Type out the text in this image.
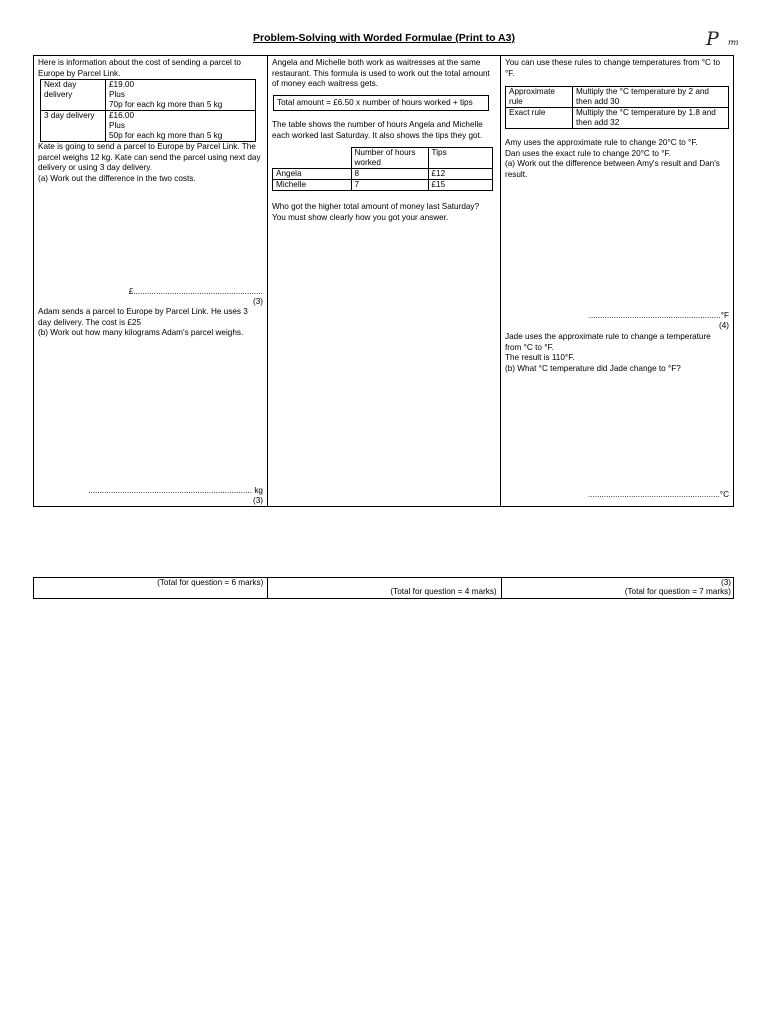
Problem-Solving with Worded Formulae (Print to A3)	P rm

Here is information about the cost of sending a parcel to Europe by Parcel Link.

Next day delivery	£19.00
Plus
70p for each kg more than 5 kg

3 day delivery	£16.00
Plus
50p for each kg more than 5 kg

Kate is going to send a parcel to Europe by Parcel Link. The parcel weighs 12 kg. Kate can send the parcel using next day delivery or using 3 day delivery.

(a) Work out the difference in the two costs.

£.........................................................
(3)

Adam sends a parcel to Europe by Parcel Link. He uses 3 day delivery. The cost is £25

(b) Work out how many kilograms Adam's parcel weighs.

........................................................................ kg
(3)

Angela and Michelle both work as waitresses at the same restaurant. This formula is used to work out the total amount of money each waitress gets.

Total amount = £6.50 x number of hours worked + tips

The table shows the number of hours Angela and Michelle each worked last Saturday. It also shows the tips they got.

	Number of hours worked	Tips
Angela	8	£12
Michelle	7	£15

Who got the higher total amount of money last Saturday?

You must show clearly how you got your answer.

You can use these rules to change temperatures from °C to °F.

Approximate rule	Multiply the °C temperature by 2 and then add 30
Exact rule	Multiply the °C temperature by 1.8 and then add 32

Amy uses the approximate rule to change 20°C to °F.

Dan uses the exact rule to change 20°C to °F.

(a) Work out the difference between Amy's result and Dan's result.

..........................................................°F
(4)

Jade uses the approximate rule to change a temperature from °C to °F.

The result is 110°F.

(b) What °C temperature did Jade change to °F?

..........................................................°C
(Total for question = 6 marks)
(Total for question = 4 marks)
(3)
(Total for question = 7 marks)
